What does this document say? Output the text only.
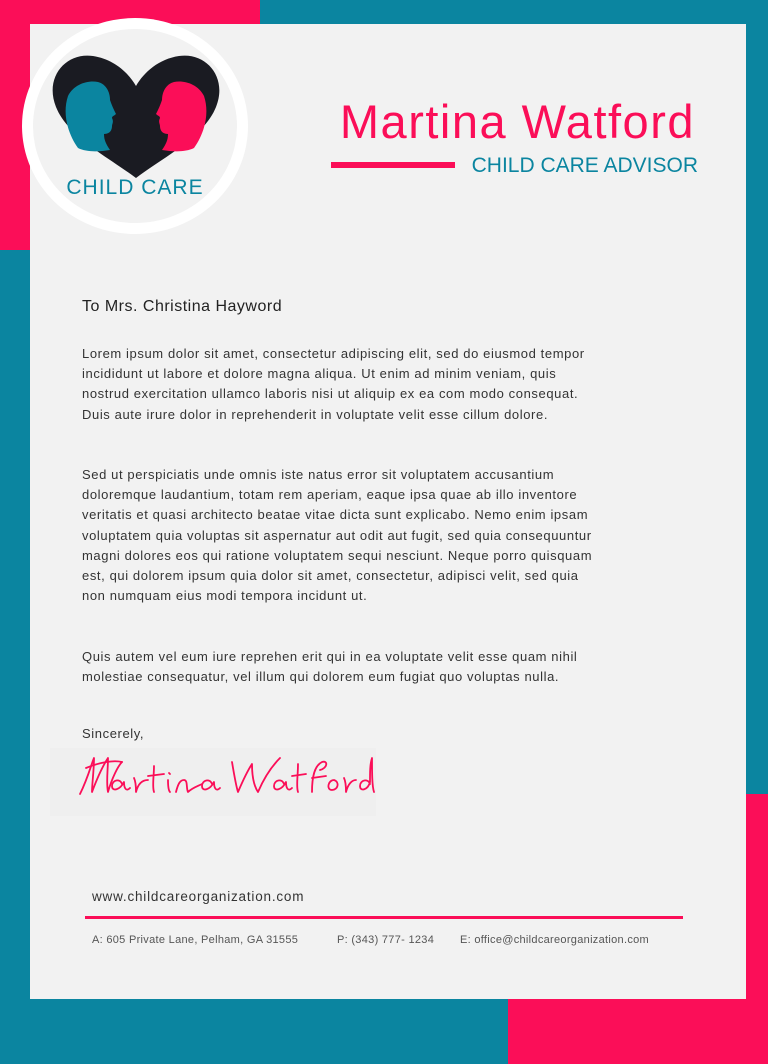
CHILD CARE
Martina Watford
CHILD CARE ADVISOR
To Mrs. Christina Hayword

Lorem ipsum dolor sit amet, consectetur adipiscing elit, sed do eiusmod tempor incididunt ut labore et dolore magna aliqua. Ut enim ad minim veniam, quis nostrud exercitation ullamco laboris nisi ut aliquip ex ea com modo consequat. Duis aute irure dolor in reprehenderit in voluptate velit esse cillum dolore.

Sed ut perspiciatis unde omnis iste natus error sit voluptatem accusantium doloremque laudantium, totam rem aperiam, eaque ipsa quae ab illo inventore veritatis et quasi architecto beatae vitae dicta sunt explicabo. Nemo enim ipsam voluptatem quia voluptas sit aspernatur aut odit aut fugit, sed quia consequuntur magni dolores eos qui ratione voluptatem sequi nesciunt. Neque porro quisquam est, qui dolorem ipsum quia dolor sit amet, consectetur, adipisci velit, sed quia non numquam eius modi tempora incidunt ut.

Quis autem vel eum iure reprehen erit qui in ea voluptate velit esse quam nihil molestiae consequatur, vel illum qui dolorem eum fugiat quo voluptas nulla.

Sincerely,
www.childcareorganization.com
A: 605 Private Lane, Pelham, GA 31555	P: (343) 777- 1234 E: office@childcareorganization.com
